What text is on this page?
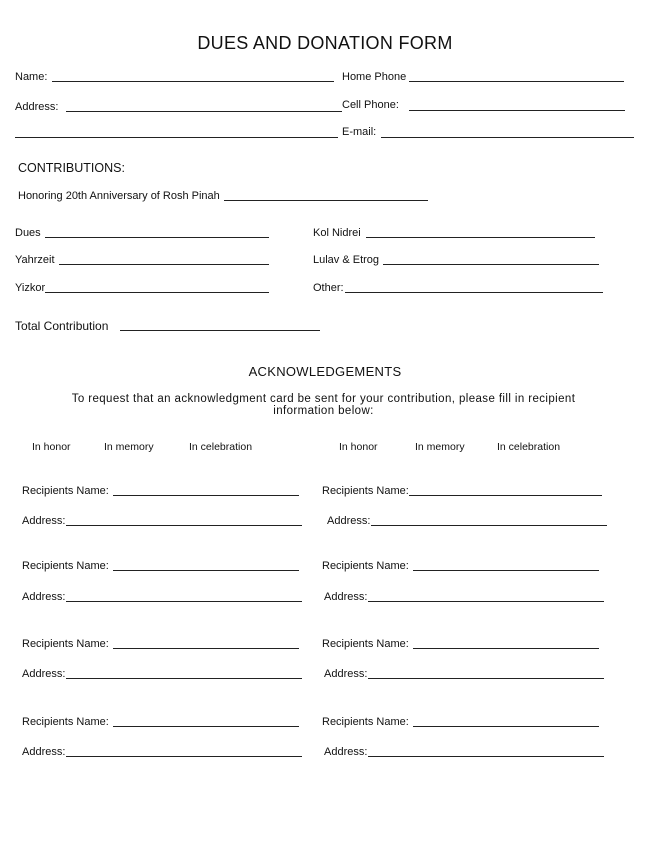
DUES AND DONATION FORM
Name:	Home Phone
Address:	Cell Phone:
E-mail:
CONTRIBUTIONS:
Honoring 20th Anniversary of Rosh Pinah
Dues	Kol Nidrei
Yahrzeit	Lulav & Etrog
Yizkor	Other:
Total Contribution
ACKNOWLEDGEMENTS
To request that an acknowledgment card be sent for your contribution, please fill in recipient
information below:
In honor	In memory	In celebration	In honor	In memory	In celebration
Recipients Name:	Recipients Name:
Address:	Address:
Recipients Name:	Recipients Name:
Address:	Address:
Recipients Name:	Recipients Name:
Address:	Address:
Recipients Name:	Recipients Name:
Address:	Address:
